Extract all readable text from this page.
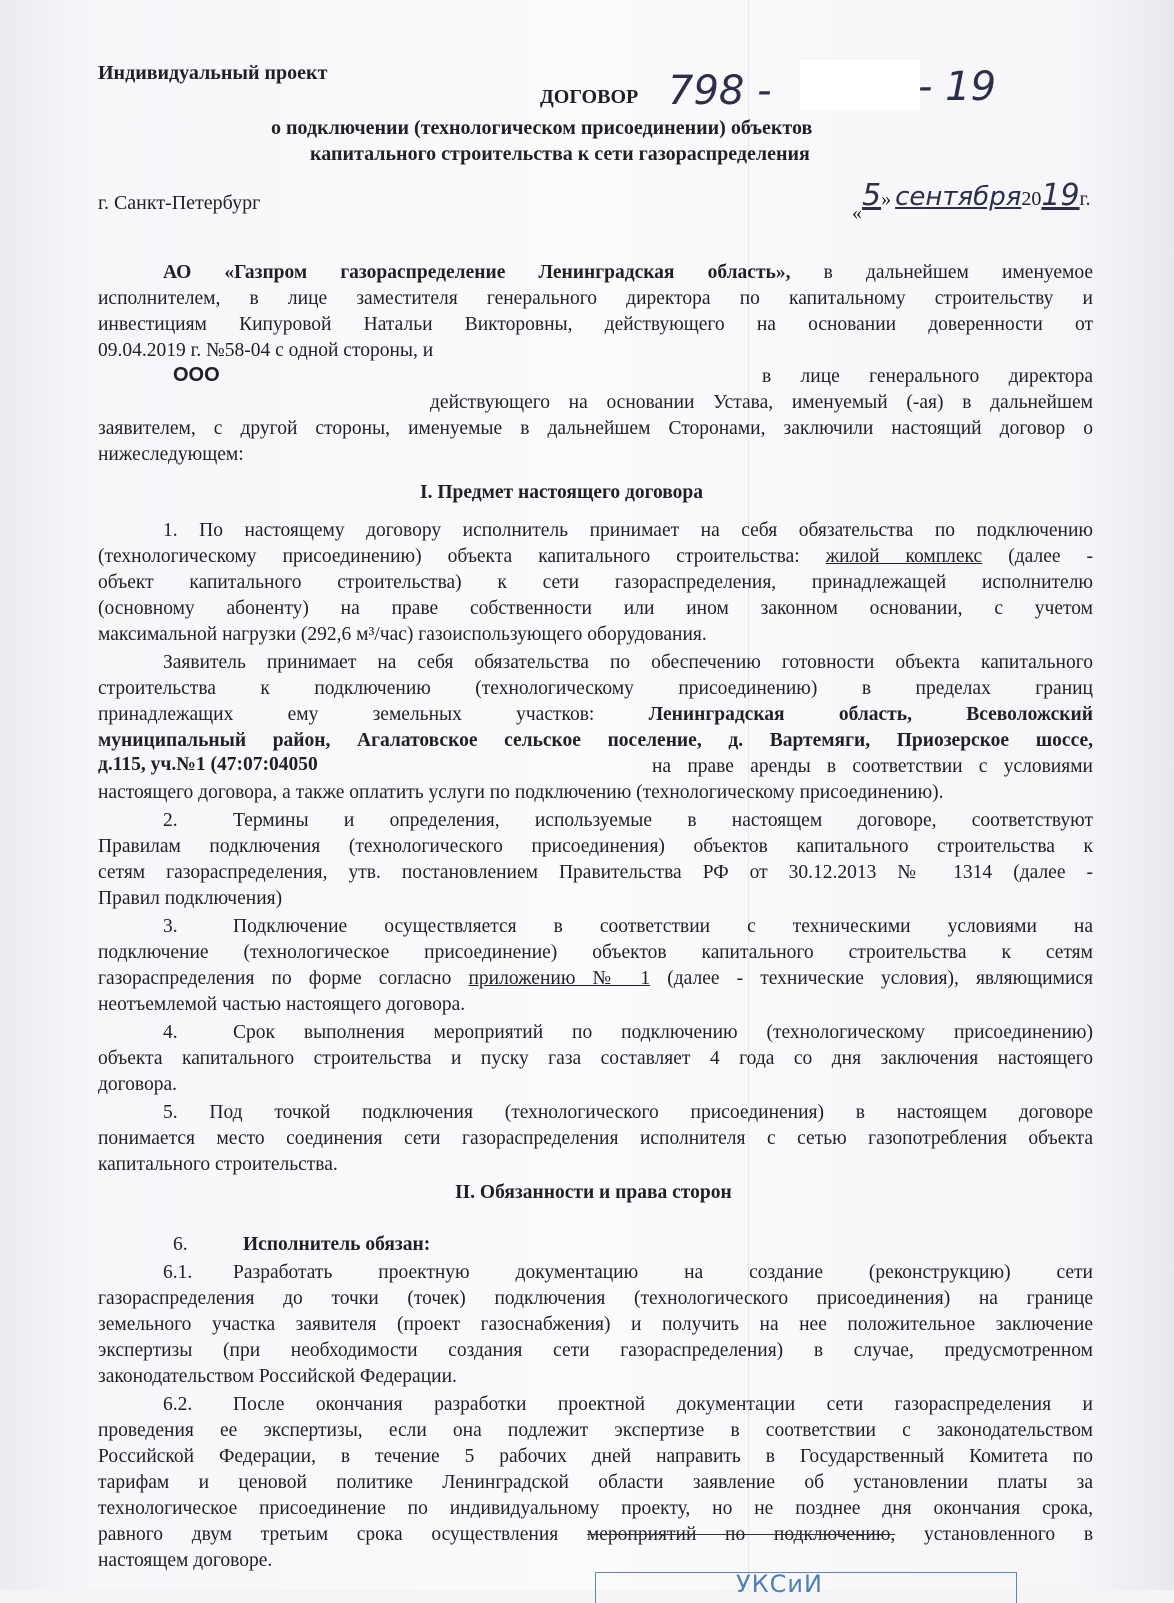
Индивидуальный проект
ДОГОВОР 798 -	- 19
о подключении (технологическом присоединении) объектов
капитального строительства к сети газораспределения
г. Санкт-Петербург	«5» сентября2019г.
АО «Газпром газораспределение Ленинградская область», в дальнейшем именуемое
исполнителем, в лице заместителя генерального директора по капитальному строительству и
инвестициям Кипуровой Натальи Викторовны, действующего на основании доверенности от
09.04.2019 г. №58-04 с одной стороны, и
ООО	в лице генерального директора
действующего на основании Устава, именуемый (-ая) в дальнейшем
заявителем, с другой стороны, именуемые в дальнейшем Сторонами, заключили настоящий договор о
нижеследующем:
I. Предмет настоящего договора
1. По настоящему договору исполнитель принимает на себя обязательства по подключению
(технологическому присоединению) объекта капитального строительства: жилой комплекс (далее -
объект капитального строительства) к сети газораспределения, принадлежащей исполнителю
(основному абоненту) на праве собственности или ином законном основании, с учетом
максимальной нагрузки (292,6 м³/час) газоиспользующего оборудования.
Заявитель принимает на себя обязательства по обеспечению готовности объекта капитального
строительства к подключению (технологическому присоединению) в пределах границ
принадлежащих ему земельных участков:	Ленинградская область, Всеволожский
муниципальный район, Агалатовское сельское поселение, д. Вартемяги, Приозерское шоссе,
д.115, уч.№1 (47:07:04050	на праве аренды в соответствии с условиями
настоящего договора, а также оплатить услуги по подключению (технологическому присоединению).
2.	Термины и определения, используемые в настоящем договоре, соответствуют
Правилам подключения (технологического присоединения) объектов капитального строительства к
сетям газораспределения, утв. постановлением Правительства РФ от 30.12.2013 № 1314 (далее -
Правил подключения)
3.	Подключение осуществляется в соответствии с техническими условиями на
подключение (технологическое присоединение) объектов капитального строительства к сетям
газораспределения по форме согласно приложению № 1 (далее - технические условия), являющимися
неотъемлемой частью настоящего договора.
4.	Срок выполнения мероприятий по подключению (технологическому присоединению)
объекта капитального строительства и пуску газа составляет 4 года со дня заключения настоящего
договора.
5. Под точкой подключения (технологического присоединения) в настоящем договоре
понимается место соединения сети газораспределения исполнителя с сетью газопотребления объекта
капитального строительства.
II. Обязанности и права сторон
6.	Исполнитель обязан:
6.1. Разработать проектную документацию на создание (реконструкцию) сети
газораспределения до точки (точек) подключения (технологического присоединения) на границе
земельного участка заявителя (проект газоснабжения) и получить на нее положительное заключение
экспертизы (при необходимости создания сети газораспределения) в случае, предусмотренном
законодательством Российской Федерации.
6.2. После окончания разработки проектной документации сети газораспределения и
проведения ее экспертизы, если она подлежит экспертизе в соответствии с законодательством
Российской Федерации, в течение 5 рабочих дней направить в Государственный Комитета по
тарифам и ценовой политике Ленинградской области заявление об установлении платы за
технологическое присоединение по индивидуальному проекту, но не позднее дня окончания срока,
равного двум третьим срока осуществления мероприятий по подключению, установленного в
настоящем договоре.
УКСиИ
